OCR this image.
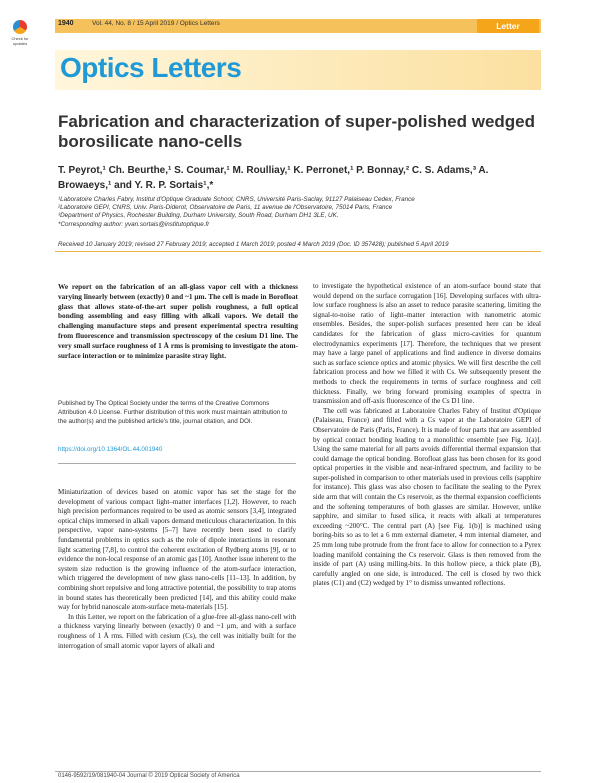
1940	Vol. 44, No. 8 / 15 April 2019 / Optics Letters	Letter
Check for updates
Optics Letters
Fabrication and characterization of super-polished wedged borosilicate nano-cells
T. Peyrot,¹ Ch. Beurthe,¹ S. Coumar,¹ M. Roulliay,¹ K. Perronet,¹ P. Bonnay,² C. S. Adams,³ A. Browaeys,¹ and Y. R. P. Sortais¹,*
¹Laboratoire Charles Fabry, Institut d'Optique Graduate School, CNRS, Université Paris-Saclay, 91127 Palaiseau Cedex, France
²Laboratoire GEPI, CNRS, Univ. Paris-Diderot, Observatoire de Paris, 11 avenue de l'Observatoire, 75014 Paris, France
³Department of Physics, Rochester Building, Durham University, South Road, Durham DH1 3LE, UK.
*Corresponding author: yvan.sortais@institutoptique.fr
Received 10 January 2019; revised 27 February 2019; accepted 1 March 2019; posted 4 March 2019 (Doc. ID 357428); published 5 April 2019
We report on the fabrication of an all-glass vapor cell with a thickness varying linearly between (exactly) 0 and ~1 μm. The cell is made in Borofloat glass that allows state-of-the-art super polish roughness, a full optical bonding assembling and easy filling with alkali vapors. We detail the challenging manufacture steps and present experimental spectra resulting from fluorescence and transmission spectroscopy of the cesium D1 line. The very small surface roughness of 1 Å rms is promising to investigate the atom-surface interaction or to minimize parasite stray light.
Published by The Optical Society under the terms of the Creative Commons Attribution 4.0 License. Further distribution of this work must maintain attribution to the author(s) and the published article's title, journal citation, and DOI.
https://doi.org/10.1364/OL.44.001940

Miniaturization of devices based on atomic vapor has set the stage for the development of various compact light–matter interfaces [1,2]. However, to reach high precision performances required to be used as atomic sensors [3,4], integrated optical chips immersed in alkali vapors demand meticulous characterization. In this perspective, vapor nano-systems [5–7] have recently been used to clarify fundamental problems in optics such as the role of dipole interactions in resonant light scattering [7,8], to control the coherent excitation of Rydberg atoms [9], or to evidence the non-local response of an atomic gas [10]. Another issue inherent to the system size reduction is the growing influence of the atom-surface interaction, which triggered the development of new glass nano-cells [11–13]. In addition, by combining short repulsive and long attractive potential, the possibility to trap atoms in bound states has theoretically been predicted [14], and this ability could make way for hybrid nanoscale atom-surface meta-materials [15].

In this Letter, we report on the fabrication of a glue-free all-glass nano-cell with a thickness varying linearly between (exactly) 0 and ~1 μm, and with a surface roughness of 1 Å rms. Filled with cesium (Cs), the cell was initially built for the interrogation of small atomic vapor layers of alkali and

to investigate the hypothetical existence of an atom-surface bound state that would depend on the surface corrugation [16]. Developing surfaces with ultra-low surface roughness is also an asset to reduce parasite scattering, limiting the signal-to-noise ratio of light–matter interaction with nanometric atomic ensembles. Besides, the super-polish surfaces presented here can be ideal candidates for the fabrication of glass micro-cavities for quantum electrodynamics experiments [17]. Therefore, the techniques that we present may have a large panel of applications and find audience in diverse domains such as surface science optics and atomic physics. We will first describe the cell fabrication process and how we filled it with Cs. We subsequently present the methods to check the requirements in terms of surface roughness and cell thickness. Finally, we bring forward promising examples of spectra in transmission and off-axis fluorescence of the Cs D1 line.

The cell was fabricated at Laboratoire Charles Fabry of Institut d'Optique (Palaiseau, France) and filled with a Cs vapor at the Laboratoire GEPI of Observatoire de Paris (Paris, France). It is made of four parts that are assembled by optical contact bonding leading to a monolithic ensemble [see Fig. 1(a)]. Using the same material for all parts avoids differential thermal expansion that could damage the optical bonding. Borofloat glass has been chosen for its good optical properties in the visible and near-infrared spectrum, and facility to be super-polished in comparison to other materials used in previous cells (sapphire for instance). This glass was also chosen to facilitate the sealing to the Pyrex side arm that will contain the Cs reservoir, as the thermal expansion coefficients and the softening temperatures of both glasses are similar. However, unlike sapphire, and similar to fused silica, it reacts with alkali at temperatures exceeding ~200°C. The central part (A) [see Fig. 1(b)] is machined using boring-bits so as to let a 6 mm external diameter, 4 mm internal diameter, and 25 mm long tube protrude from the front face to allow for connection to a Pyrex loading manifold containing the Cs reservoir. Glass is then removed from the inside of part (A) using milling-bits. In this hollow piece, a thick plate (B), carefully angled on one side, is introduced. The cell is closed by two thick plates (C1) and (C2) wedged by 1° to dismiss unwanted reflections.

0146-9592/19/081940-04 Journal © 2019 Optical Society of America
